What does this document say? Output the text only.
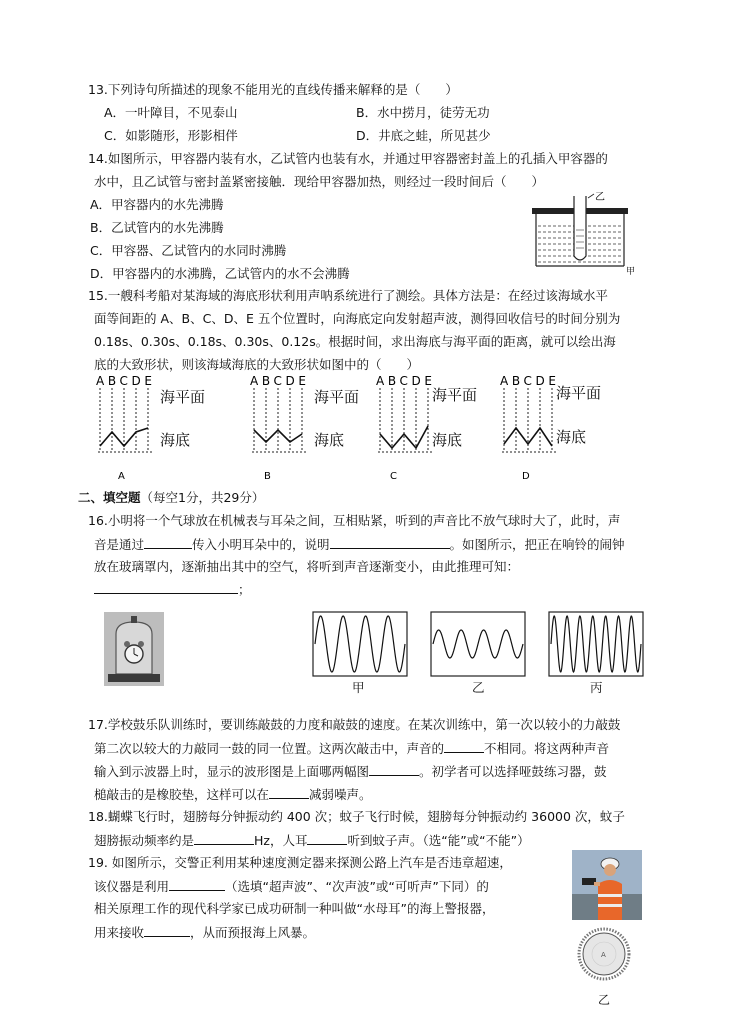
13.下列诗句所描述的现象不能用光的直线传播来解释的是（　　）
A．一叶障目，不见泰山	B．水中捞月，徒劳无功
C．如影随形，形影相伴	D．井底之蛙，所见甚少
14.如图所示，甲容器内装有水，乙试管内也装有水，并通过甲容器密封盖上的孔插入甲容器的
水中，且乙试管与密封盖紧密接触．现给甲容器加热，则经过一段时间后（　　）
A．甲容器内的水先沸腾
B．乙试管内的水先沸腾
C．甲容器、乙试管内的水同时沸腾
D．甲容器内的水沸腾，乙试管内的水不会沸腾
乙
甲
15.一艘科考船对某海域的海底形状利用声呐系统进行了测绘。具体方法是：在经过该海域水平
面等间距的 A、B、C、D、E 五个位置时，向海底定向发射超声波，测得回收信号的时间分别为
0.18s、0.30s、0.18s、0.30s、0.12s。根据时间，求出海底与海平面的距离，就可以绘出海
底的大致形状，则该海域海底的大致形状如图中的（　　）
ABCDE
A
海平面
海底
ABCDE
B
海平面
海底
ABCDE
C
海平面
海底
ABCDE
D
海平面
海底
二、填空题（每空1分，共29分）
16.小明将一个气球放在机械表与耳朵之间，互相贴紧，听到的声音比不放气球时大了，此时，声
音是通过	传入小明耳朵中的，说明	。如图所示，把正在响铃的闹钟
放在玻璃罩内，逐渐抽出其中的空气，将听到声音逐渐变小，由此推理可知：
；
甲	乙	丙
17.学校鼓乐队训练时，要训练敲鼓的力度和敲鼓的速度。在某次训练中，第一次以较小的力敲鼓
第二次以较大的力敲同一鼓的同一位置。这两次敲击中，声音的	不相同。将这两种声音
输入到示波器上时，显示的波形图是上面哪两幅图	。初学者可以选择哑鼓练习器，鼓
槌敲击的是橡胶垫，这样可以在	减弱噪声。
18.蝴蝶飞行时，翅膀每分钟振动约 400 次；蚊子飞行时候，翅膀每分钟振动约 36000 次，蚊子
翅膀振动频率约是	Hz，人耳	听到蚊子声。（选“能”或“不能”）
19. 如图所示，交警正利用某种速度测定器来探测公路上汽车是否违章超速，
该仪器是利用	（选填“超声波”、“次声波”或“可听声”下同）的
相关原理工作的现代科学家已成功研制一种叫做“水母耳”的海上警报器，
用来接收	，从而预报海上风暴。
A
乙
